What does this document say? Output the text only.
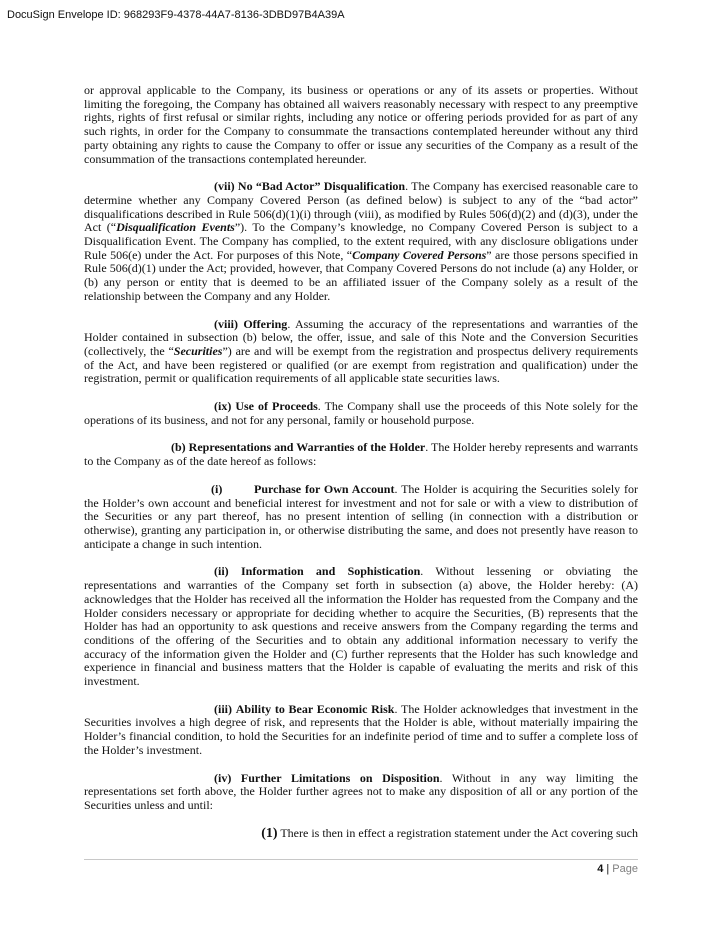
DocuSign Envelope ID: 968293F9-4378-44A7-8136-3DBD97B4A39A

or approval applicable to the Company, its business or operations or any of its assets or properties. Without limiting the foregoing, the Company has obtained all waivers reasonably necessary with respect to any preemptive rights, rights of first refusal or similar rights, including any notice or offering periods provided for as part of any such rights, in order for the Company to consummate the transactions contemplated hereunder without any third party obtaining any rights to cause the Company to offer or issue any securities of the Company as a result of the consummation of the transactions contemplated hereunder.

(vii) No “Bad Actor” Disqualification. The Company has exercised reasonable care to determine whether any Company Covered Person (as defined below) is subject to any of the “bad actor” disqualifications described in Rule 506(d)(1)(i) through (viii), as modified by Rules 506(d)(2) and (d)(3), under the Act (“Disqualification Events”). To the Company’s knowledge, no Company Covered Person is subject to a Disqualification Event. The Company has complied, to the extent required, with any disclosure obligations under Rule 506(e) under the Act. For purposes of this Note, “Company Covered Persons” are those persons specified in Rule 506(d)(1) under the Act; provided, however, that Company Covered Persons do not include (a) any Holder, or (b) any person or entity that is deemed to be an affiliated issuer of the Company solely as a result of the relationship between the Company and any Holder.

(viii) Offering. Assuming the accuracy of the representations and warranties of the Holder contained in subsection (b) below, the offer, issue, and sale of this Note and the Conversion Securities (collectively, the “Securities”) are and will be exempt from the registration and prospectus delivery requirements of the Act, and have been registered or qualified (or are exempt from registration and qualification) under the registration, permit or qualification requirements of all applicable state securities laws.

(ix) Use of Proceeds. The Company shall use the proceeds of this Note solely for the operations of its business, and not for any personal, family or household purpose.

(b) Representations and Warranties of the Holder. The Holder hereby represents and warrants to the Company as of the date hereof as follows:

(i)	Purchase for Own Account. The Holder is acquiring the Securities solely for the Holder’s own account and beneficial interest for investment and not for sale or with a view to distribution of the Securities or any part thereof, has no present intention of selling (in connection with a distribution or otherwise), granting any participation in, or otherwise distributing the same, and does not presently have reason to anticipate a change in such intention.

(ii) Information and Sophistication. Without lessening or obviating the representations and warranties of the Company set forth in subsection (a) above, the Holder hereby: (A) acknowledges that the Holder has received all the information the Holder has requested from the Company and the Holder considers necessary or appropriate for deciding whether to acquire the Securities, (B) represents that the Holder has had an opportunity to ask questions and receive answers from the Company regarding the terms and conditions of the offering of the Securities and to obtain any additional information necessary to verify the accuracy of the information given the Holder and (C) further represents that the Holder has such knowledge and experience in financial and business matters that the Holder is capable of evaluating the merits and risk of this investment.

(iii) Ability to Bear Economic Risk. The Holder acknowledges that investment in the Securities involves a high degree of risk, and represents that the Holder is able, without materially impairing the Holder’s financial condition, to hold the Securities for an indefinite period of time and to suffer a complete loss of the Holder’s investment.

(iv) Further Limitations on Disposition. Without in any way limiting the representations set forth above, the Holder further agrees not to make any disposition of all or any portion of the Securities unless and until:

(1) There is then in effect a registration statement under the Act covering such

4 | Page
